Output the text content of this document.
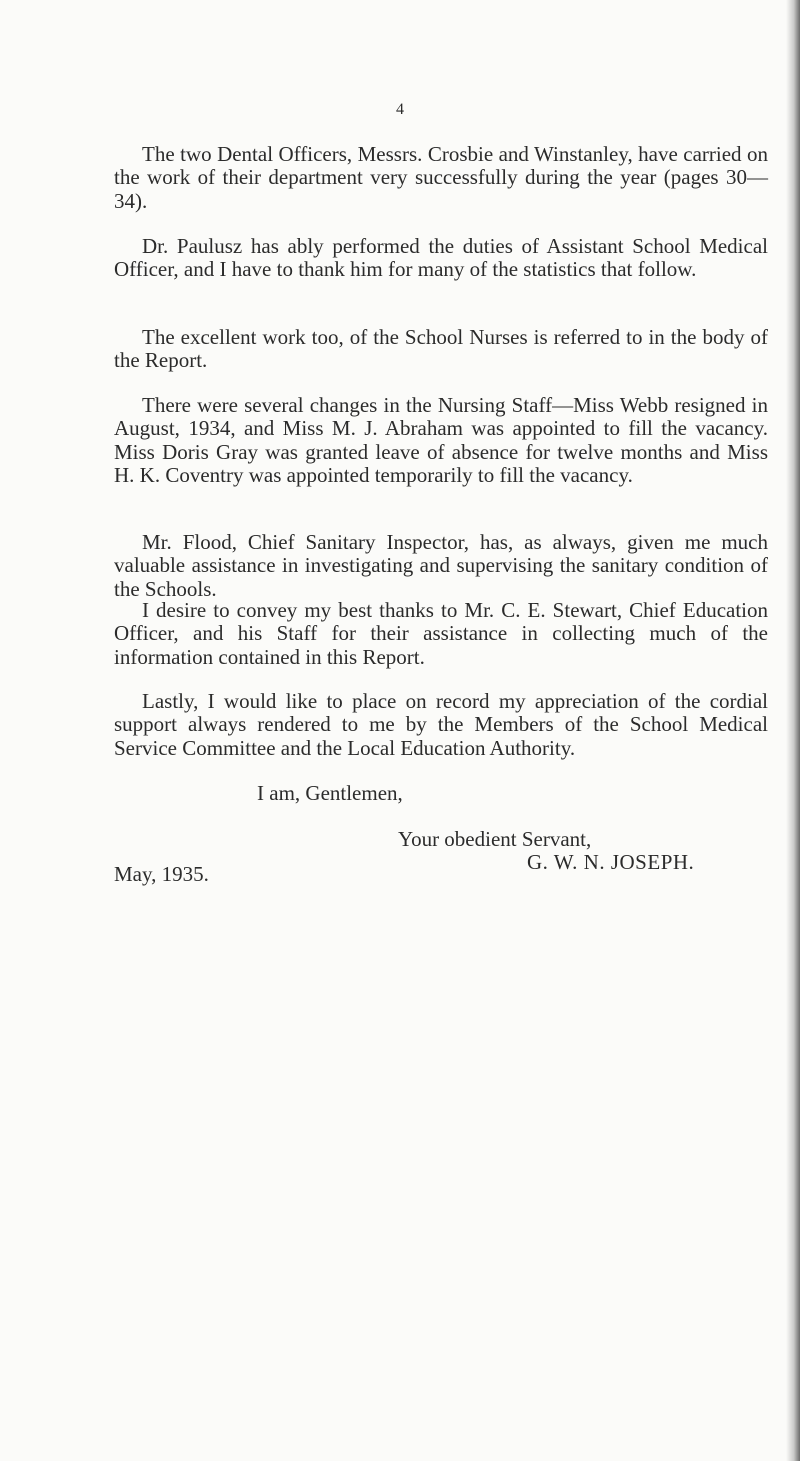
4

The two Dental Officers, Messrs. Crosbie and Winstanley, have carried on the work of their department very successfully during the year (pages 30—34).

Dr. Paulusz has ably performed the duties of Assistant School Medical Officer, and I have to thank him for many of the statistics that follow.

The excellent work too, of the School Nurses is referred to in the body of the Report.

There were several changes in the Nursing Staff—Miss Webb resigned in August, 1934, and Miss M. J. Abraham was appointed to fill the vacancy. Miss Doris Gray was granted leave of absence for twelve months and Miss H. K. Coventry was appointed temporarily to fill the vacancy.

Mr. Flood, Chief Sanitary Inspector, has, as always, given me much valuable assistance in investigating and supervising the sanitary condition of the Schools.

I desire to convey my best thanks to Mr. C. E. Stewart, Chief Education Officer, and his Staff for their assistance in collecting much of the information contained in this Report.

Lastly, I would like to place on record my appreciation of the cordial support always rendered to me by the Members of the School Medical Service Committee and the Local Education Authority.

I am, Gentlemen,

Your obedient Servant,

G. W. N. JOSEPH.

May, 1935.
